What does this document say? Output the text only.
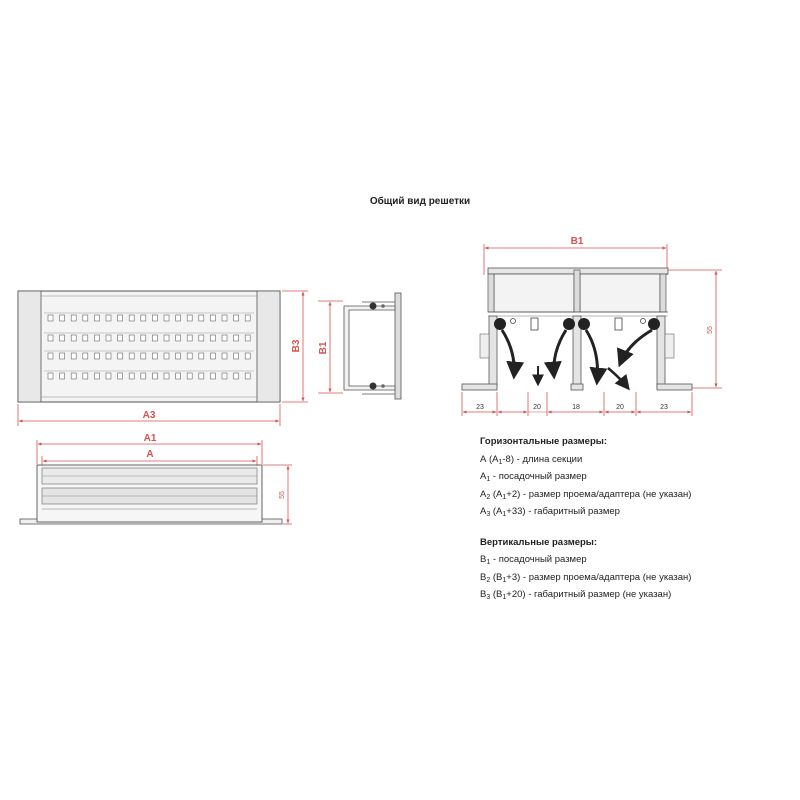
Общий вид решетки
A3
B3 B1
A1
A
55
B1
55
23	20	18	20	23
Горизонтальные размеры:
A $(A_1-8)$ - длина секции
$A_1$ - посадочный размер
$A_2$ $(A_1+2)$ - размер проема/адаптера (не указан)
$A_3$ $(A_1+33)$ - габаритный размер
Вертикальные размеры:
$B_1$ - посадочный размер
$B_2$ $(B_1+3)$ - размер проема/адаптера (не указан)
$B_3$ $(B_1+20)$ - габаритный размер (не указан)
